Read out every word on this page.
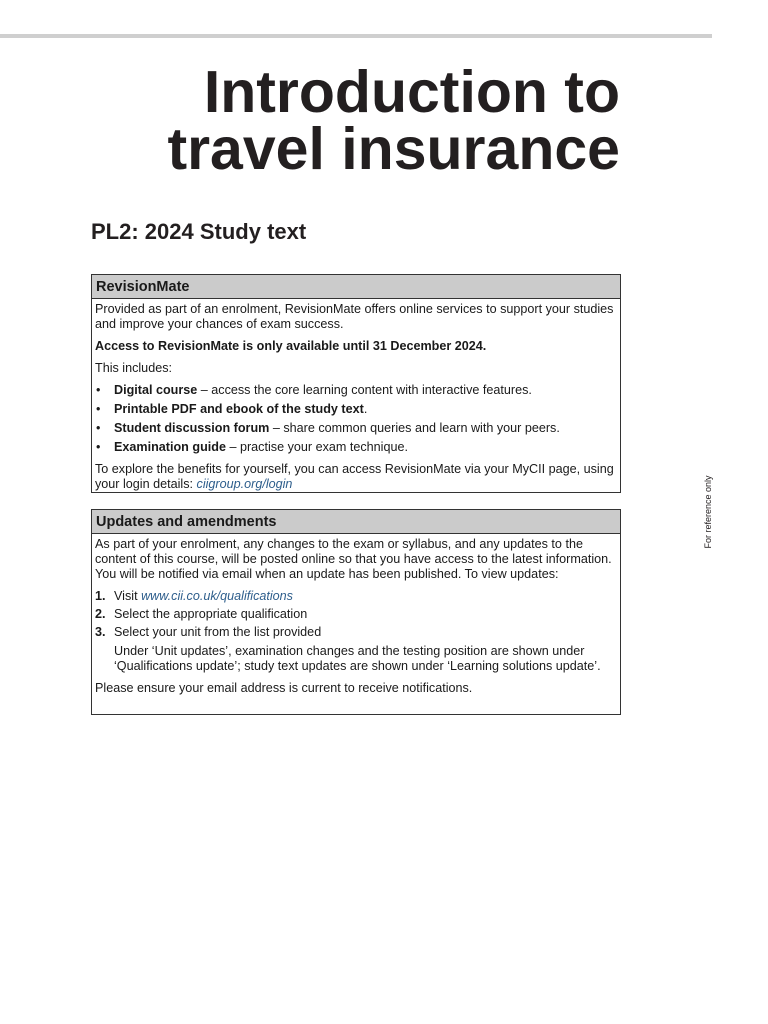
Introduction to
travel insurance
PL2: 2024 Study text
RevisionMate

Provided as part of an enrolment, RevisionMate offers online services to support your studies and improve your chances of exam success.

Access to RevisionMate is only available until 31 December 2024.

This includes:

• Digital course – access the core learning content with interactive features.
• Printable PDF and ebook of the study text.
• Student discussion forum – share common queries and learn with your peers.
• Examination guide – practise your exam technique.

To explore the benefits for yourself, you can access RevisionMate via your MyCII page, using your login details: ciigroup.org/login

Updates and amendments

As part of your enrolment, any changes to the exam or syllabus, and any updates to the content of this course, will be posted online so that you have access to the latest information. You will be notified via email when an update has been published. To view updates:

1. Visit www.cii.co.uk/qualifications
2. Select the appropriate qualification
3. Select your unit from the list provided

Under ‘Unit updates’, examination changes and the testing position are shown under ‘Qualifications update’; study text updates are shown under ‘Learning solutions update’.

Please ensure your email address is current to receive notifications.

For reference only
